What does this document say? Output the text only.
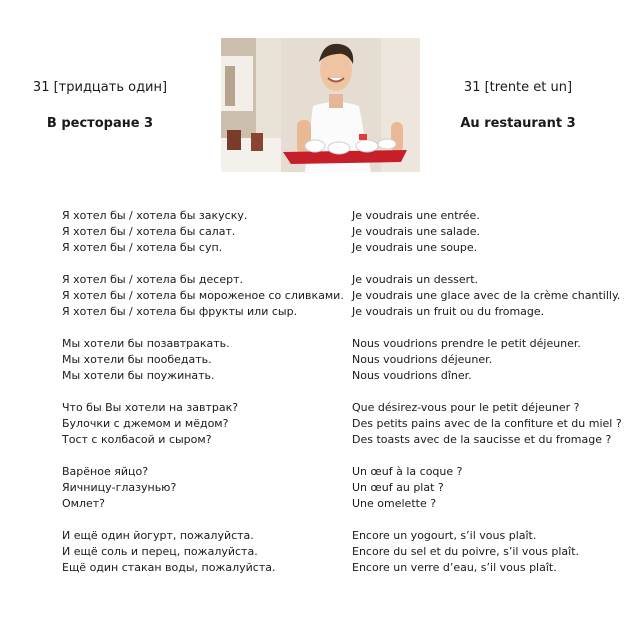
31 [тридцать один]	31 [trente et un]
В ресторане 3	Au restaurant 3
Я хотел бы / хотела бы закуску.	Je voudrais une entrée.
Я хотел бы / хотела бы салат.	Je voudrais une salade.
Я хотел бы / хотела бы суп.	Je voudrais une soupe.
Я хотел бы / хотела бы десерт.	Je voudrais un dessert.
Я хотел бы / хотела бы мороженое со сливками. Je voudrais une glace avec de la crème chantilly.
Я хотел бы / хотела бы фрукты или сыр.	Je voudrais un fruit ou du fromage.
Мы хотели бы позавтракать.	Nous voudrions prendre le petit déjeuner.
Мы хотели бы пообедать.	Nous voudrions déjeuner.
Мы хотели бы поужинать.	Nous voudrions dîner.
Что бы Вы хотели на завтрак?	Que désirez-vous pour le petit déjeuner ?
Булочки с джемом и мёдом?	Des petits pains avec de la confiture et du miel ?
Тост с колбасой и сыром?	Des toasts avec de la saucisse et du fromage ?
Варёное яйцо?	Un œuf à la coque ?
Яичницу-глазунью?	Un œuf au plat ?
Омлет?	Une omelette ?
И ещё один йогурт, пожалуйста.	Encore un yogourt, s’il vous plaît.
И ещё соль и перец, пожалуйста.	Encore du sel et du poivre, s’il vous plaît.
Ещё один стакан воды, пожалуйста.	Encore un verre d’eau, s’il vous plaît.
